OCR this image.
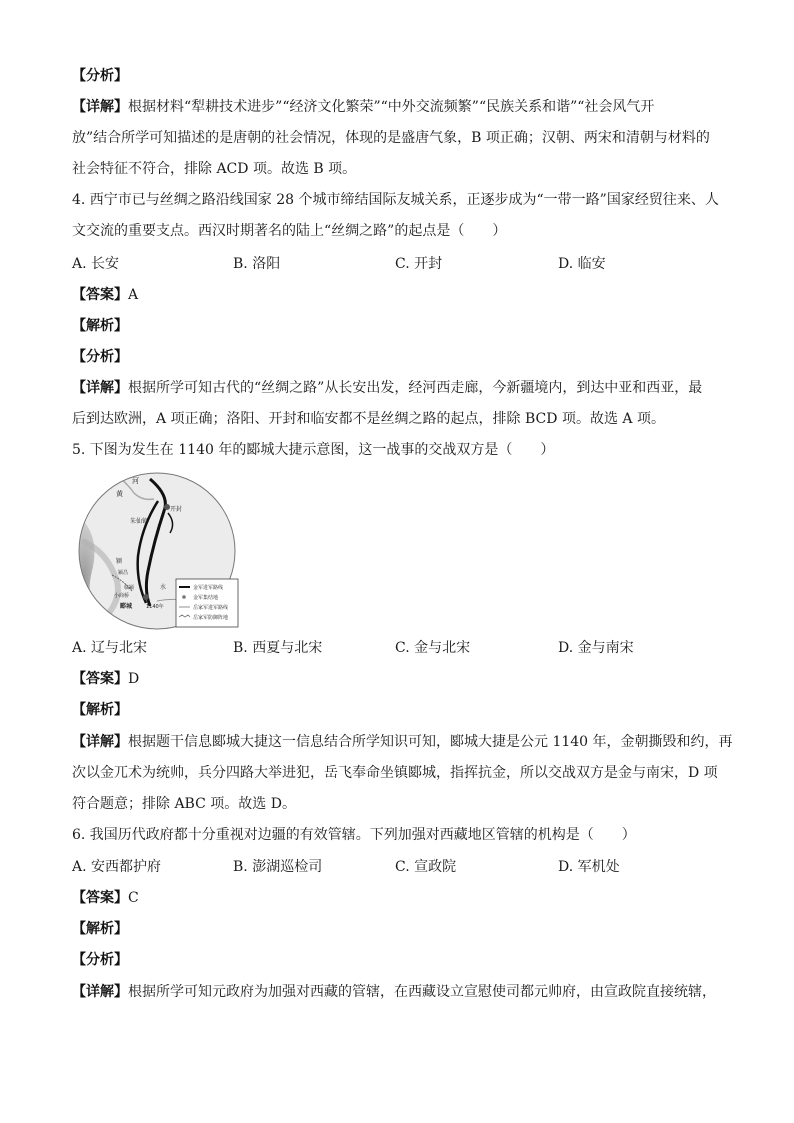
【分析】
【详解】根据材料“犁耕技术进步”“经济文化繁荣”“中外交流频繁”“民族关系和谐”“社会风气开
放”结合所学可知描述的是唐朝的社会情况，体现的是盛唐气象，B 项正确；汉朝、两宋和清朝与材料的
社会特征不符合，排除 ACD 项。故选 B 项。
4. 西宁市已与丝绸之路沿线国家 28 个城市缔结国际友城关系，正逐步成为“一带一路”国家经贸往来、人
文交流的重要支点。西汉时期著名的陆上“丝绸之路”的起点是（　　）
A. 长安	B. 洛阳	C. 开封	D. 临安
【答案】A
【解析】
【分析】
【详解】根据所学可知古代的“丝绸之路”从长安出发，经河西走廊，今新疆境内，到达中亚和西亚，最
后到达欧洲，A 项正确；洛阳、开封和临安都不是丝绸之路的起点，排除 BCD 项。故选 A 项。
5. 下图为发生在 1140 年的郾城大捷示意图，这一战事的交战双方是（　　）
黄
河
开封
朱仙镇
颍
颍昌
临颍
小商桥
郾城	1140年
水	金军进军路线
金军集结地
岳家军进军路线
岳家军防御阵地
A. 辽与北宋	B. 西夏与北宋	C. 金与北宋	D. 金与南宋
【答案】D
【解析】
【详解】根据题干信息郾城大捷这一信息结合所学知识可知，郾城大捷是公元 1140 年，金朝撕毁和约，再
次以金兀术为统帅，兵分四路大举进犯，岳飞奉命坐镇郾城，指挥抗金，所以交战双方是金与南宋，D 项
符合题意；排除 ABC 项。故选 D。
6. 我国历代政府都十分重视对边疆的有效管辖。下列加强对西藏地区管辖的机构是（　　）
A. 安西都护府	B. 澎湖巡检司	C. 宣政院	D. 军机处
【答案】C
【解析】
【分析】
【详解】根据所学可知元政府为加强对西藏的管辖，在西藏设立宣慰使司都元帅府，由宣政院直接统辖，
